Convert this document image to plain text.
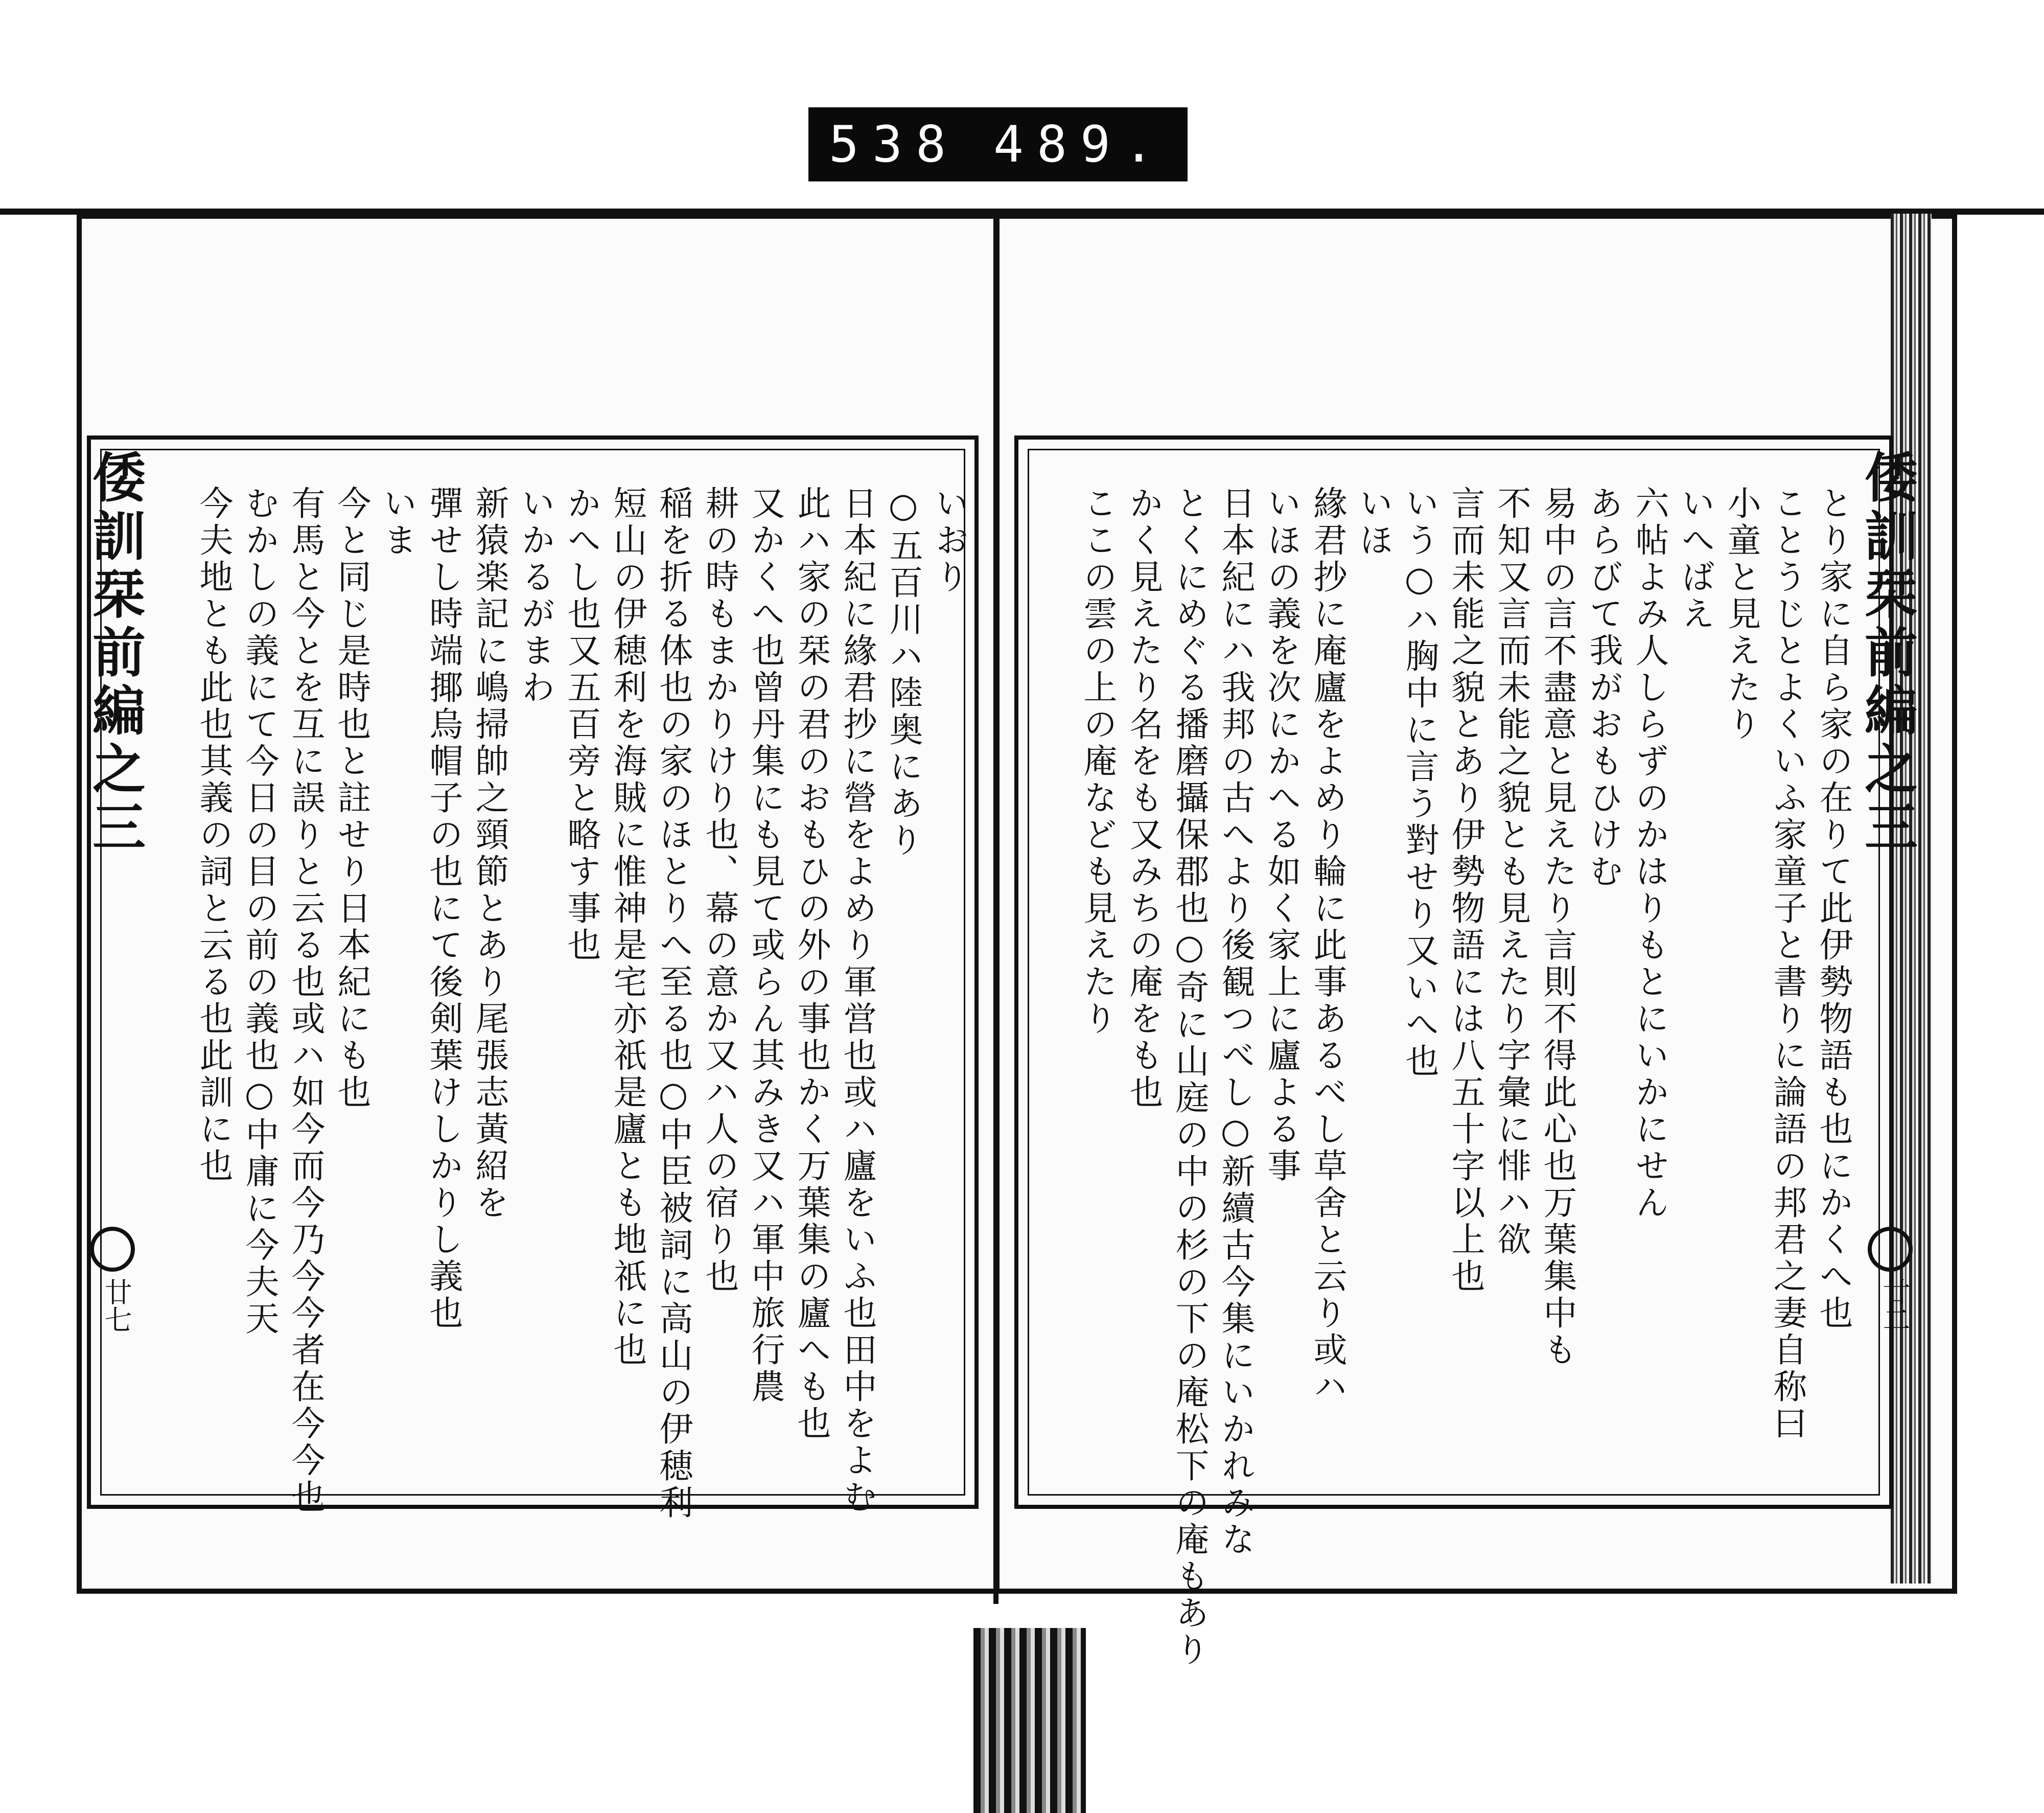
538 489.
倭訓栞前編之三
廿七
いおり
○五百川ハ陸奥にあり
日本紀に緣君抄に營をよめり軍営也或ハ廬をいふ也田中をよむ
此ハ家の栞の君のおもひの外の事也かく万葉集の廬へも也
又かくへ也曾丹集にも見て或らん其みき又ハ軍中旅行農
耕の時もまかりけり也、幕の意か又ハ人の宿り也
稲を折る体也の家のほとりへ至る也○中臣被詞に高山の伊穂利
短山の伊穂利を海賊に惟神是宅亦祇是廬とも地祇に也
かへし也又五百旁と略す事也
いかるがまわ
新猿楽記に嶋掃帥之頸節とあり尾張志黃紹を
彈せし時端揶烏帽子の也にて後剣葉けしかりし義也
いま
今と同じ是時也と註せり日本紀にも也
有馬と今とを互に誤りと云る也或ハ如今而今乃今今者在今今也
むかしの義にて今日の目の前の義也○中庸に今夫天
今夫地とも此也其義の詞と云る也此訓に也	倭訓栞前編之三
廿二
とり家に自ら家の在りて此伊勢物語も也にかくへ也
ことうじとよくいふ家童子と書りに論語の邦君之妻自称曰
小童と見えたり
いへばえ
六帖よみ人しらずのかはりもとにいかにせん
あらびて我がおもひけむ
易中の言不盡意と見えたり言則不得此心也万葉集中も
不知又言而未能之貌とも見えたり字彙に悱ハ欲
言而未能之貌とあり伊勢物語には八五十字以上也
いう○ハ胸中に言う對せり又いへ也
いほ
緣君抄に庵廬をよめり輪に此事あるべし草舍と云り或ハ
いほの義を次にかへる如く家上に廬よる事
日本紀にハ我邦の古へより後観つべし○新續古今集にいかれみな
とくにめぐる播磨攝保郡也○奇に山庭の中の杉の下の庵松下の庵もあり
かく見えたり名をも又みちの庵をも也
ここの雲の上の庵なども見えたり
